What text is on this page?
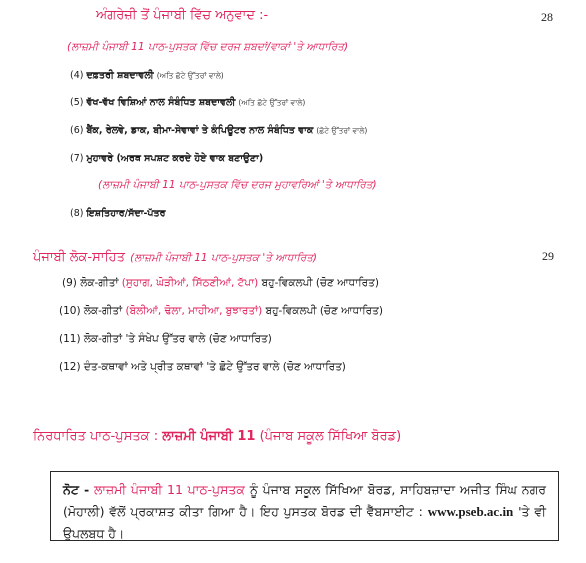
ਅੰਗਰੇਜ਼ੀ ਤੋਂ ਪੰਜਾਬੀ ਵਿੱਚ ਅਨੁਵਾਦ :-	28
(ਲਾਜ਼ਮੀ ਪੰਜਾਬੀ 11 ਪਾਠ-ਪੁਸਤਕ ਵਿੱਚ ਦਰਜ ਸ਼ਬਦਾਂ/ਵਾਕਾਂ 'ਤੇ ਆਧਾਰਿਤ)
(4) ਦਫ਼ਤਰੀ ਸ਼ਬਦਾਵਲੀ (ਅਤਿ ਛੋਟੇ ਉੱਤਰਾਂ ਵਾਲੇ)
(5) ਵੱਖ-ਵੱਖ ਵਿਸ਼ਿਆਂ ਨਾਲ ਸੰਬੰਧਿਤ ਸ਼ਬਦਾਵਲੀ (ਅਤਿ ਛੋਟੇ ਉੱਤਰਾਂ ਵਾਲੇ)
(6) ਬੈਂਕ, ਰੇਲਵੇ, ਡਾਕ, ਬੀਮਾ-ਸੇਵਾਵਾਂ ਤੇ ਕੰਪਿਊਟਰ ਨਾਲ ਸੰਬੰਧਿਤ ਵਾਕ (ਛੋਟੇ ਉੱਤਰਾਂ ਵਾਲੇ)
(7) ਮੁਹਾਵਰੇ (ਅਰਥ ਸਪਸ਼ਟ ਕਰਦੇ ਹੋਏ ਵਾਕ ਬਣਾਉਣਾ)
(ਲਾਜ਼ਮੀ ਪੰਜਾਬੀ 11 ਪਾਠ-ਪੁਸਤਕ ਵਿੱਚ ਦਰਜ ਮੁਹਾਵਰਿਆਂ 'ਤੇ ਆਧਾਰਿਤ)
(8) ਇਸ਼ਤਿਹਾਰ/ਸੱਦਾ-ਪੱਤਰ
ਪੰਜਾਬੀ ਲੋਕ-ਸਾਹਿਤ (ਲਾਜ਼ਮੀ ਪੰਜਾਬੀ 11 ਪਾਠ-ਪੁਸਤਕ 'ਤੇ ਆਧਾਰਿਤ)	29
(9) ਲੋਕ-ਗੀਤਾਂ (ਸੁਹਾਗ, ਘੋੜੀਆਂ, ਸਿੱਠਣੀਆਂ, ਟੱਪਾ) ਬਹੁ-ਵਿਕਲਪੀ (ਚੋਣ ਆਧਾਰਿਤ)
(10) ਲੋਕ-ਗੀਤਾਂ (ਬੋਲੀਆਂ, ਢੋਲਾ, ਮਾਹੀਆ, ਬੁਝਾਰਤਾਂ) ਬਹੁ-ਵਿਕਲਪੀ (ਚੋਣ ਆਧਾਰਿਤ)
(11) ਲੋਕ-ਗੀਤਾਂ 'ਤੇ ਸੰਖੇਪ ਉੱਤਰ ਵਾਲੇ (ਚੋਣ ਆਧਾਰਿਤ)
(12) ਦੰਤ-ਕਥਾਵਾਂ ਅਤੇ ਪ੍ਰੀਤ ਕਥਾਵਾਂ 'ਤੇ ਛੋਟੇ ਉੱਤਰ ਵਾਲੇ (ਚੋਣ ਆਧਾਰਿਤ)
ਨਿਰਧਾਰਿਤ ਪਾਠ-ਪੁਸਤਕ : ਲਾਜ਼ਮੀ ਪੰਜਾਬੀ 11 (ਪੰਜਾਬ ਸਕੂਲ ਸਿੱਖਿਆ ਬੋਰਡ)
ਨੋਟ - ਲਾਜ਼ਮੀ ਪੰਜਾਬੀ 11 ਪਾਠ-ਪੁਸਤਕ ਨੂੰ ਪੰਜਾਬ ਸਕੂਲ ਸਿੱਖਿਆ ਬੋਰਡ, ਸਾਹਿਬਜ਼ਾਦਾ ਅਜੀਤ ਸਿੰਘ ਨਗਰ (ਮੋਹਾਲੀ) ਵੱਲੋਂ ਪ੍ਰਕਾਸ਼ਤ ਕੀਤਾ ਗਿਆ ਹੈ। ਇਹ ਪੁਸਤਕ ਬੋਰਡ ਦੀ ਵੈੱਬਸਾਈਟ : www.pseb.ac.in 'ਤੇ ਵੀ ਉਪਲਬਧ ਹੈ।
